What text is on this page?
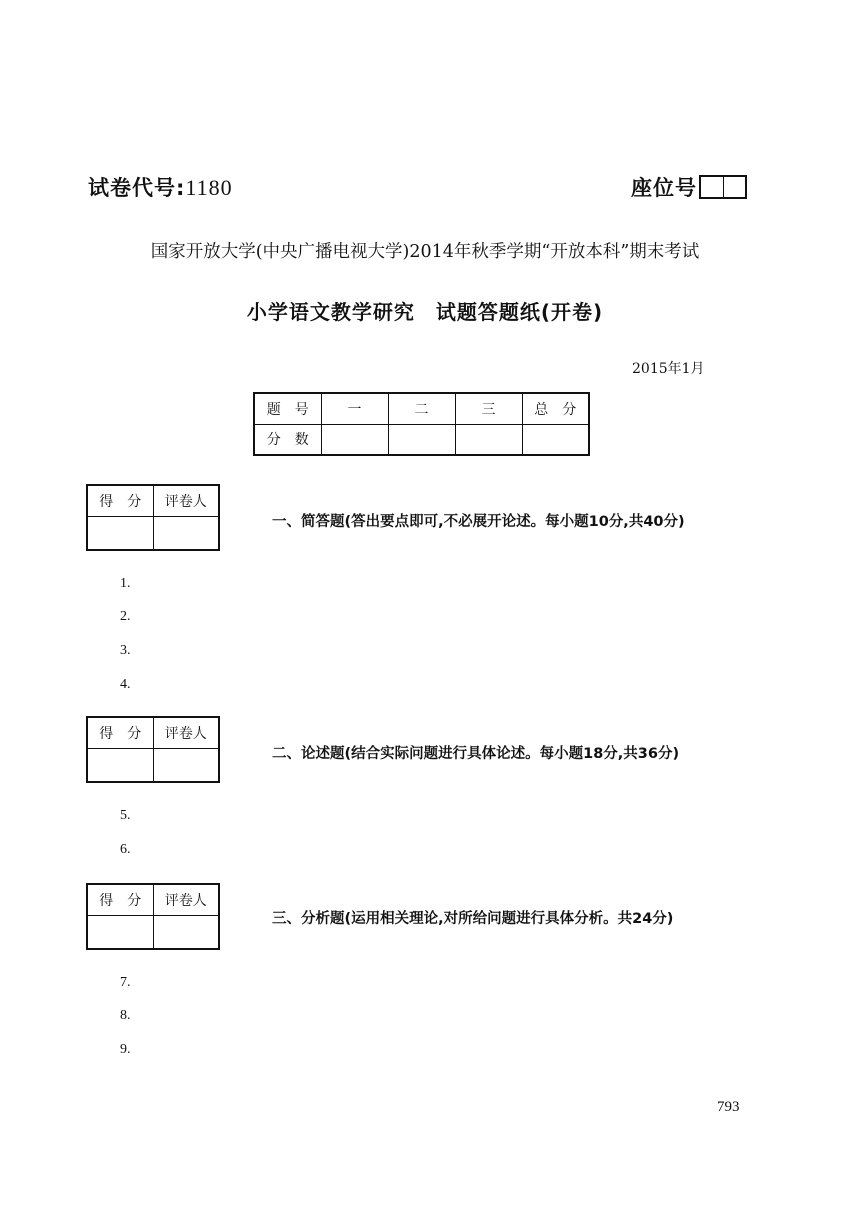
试卷代号:1180	座位号
国家开放大学(中央广播电视大学)2014年秋季学期“开放本科”期末考试
小学语文教学研究　试题答题纸(开卷)
2015年1月
题　号	一	二	三	总　分
分　数				
得　分	评卷人

一、简答题(答出要点即可,不必展开论述。每小题10分,共40分)
1.
2.
3.
4.
得　分	评卷人

二、论述题(结合实际问题进行具体论述。每小题18分,共36分)
5.
6.
得　分	评卷人

三、分析题(运用相关理论,对所给问题进行具体分析。共24分)
7.
8.
9.
793
